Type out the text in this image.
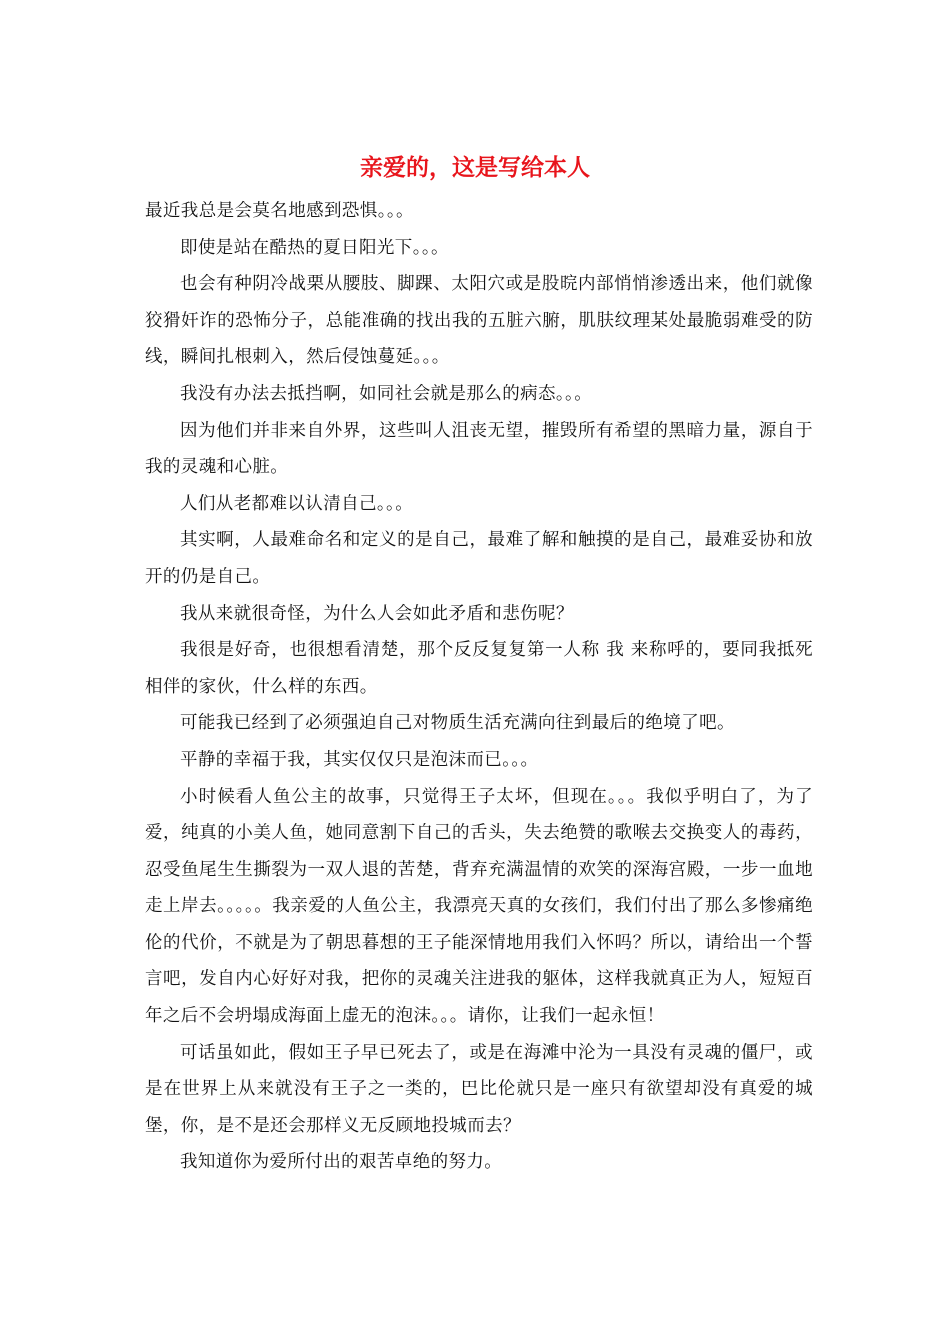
亲爱的，这是写给本人

最近我总是会莫名地感到恐惧。。。

即使是站在酷热的夏日阳光下。。。

也会有种阴冷战栗从腰肢、脚踝、太阳穴或是股晥内部悄悄渗透出来，他们就像狡猾奸诈的恐怖分子，总能准确的找出我的五脏六腑，肌肤纹理某处最脆弱难受的防线，瞬间扎根刺入，然后侵蚀蔓延。。。

我没有办法去抵挡啊，如同社会就是那么的病态。。。

因为他们并非来自外界，这些叫人沮丧无望，摧毁所有希望的黑暗力量，源自于我的灵魂和心脏。

人们从老都难以认清自己。。。

其实啊，人最难命名和定义的是自己，最难了解和触摸的是自己，最难妥协和放开的仍是自己。

我从来就很奇怪，为什么人会如此矛盾和悲伤呢？

我很是好奇，也很想看清楚，那个反反复复第一人称 我 来称呼的，要同我抵死相伴的家伙，什么样的东西。

可能我已经到了必须强迫自己对物质生活充满向往到最后的绝境了吧。

平静的幸福于我，其实仅仅只是泡沫而已。。。

小时候看人鱼公主的故事，只觉得王子太坏，但现在。。。我似乎明白了，为了爱，纯真的小美人鱼，她同意割下自己的舌头，失去绝赞的歌喉去交换变人的毒药，忍受鱼尾生生撕裂为一双人退的苦楚，背弃充满温情的欢笑的深海宫殿，一步一血地走上岸去。。。。。我亲爱的人鱼公主，我漂亮天真的女孩们，我们付出了那么多惨痛绝伦的代价，不就是为了朝思暮想的王子能深情地用我们入怀吗？所以，请给出一个誓言吧，发自内心好好对我，把你的灵魂关注进我的躯体，这样我就真正为人，短短百年之后不会坍塌成海面上虚无的泡沫。。。请你，让我们一起永恒！

可话虽如此，假如王子早已死去了，或是在海滩中沦为一具没有灵魂的僵尸，或是在世界上从来就没有王子之一类的，巴比伦就只是一座只有欲望却没有真爱的城堡，你，是不是还会那样义无反顾地投城而去？

我知道你为爱所付出的艰苦卓绝的努力。
